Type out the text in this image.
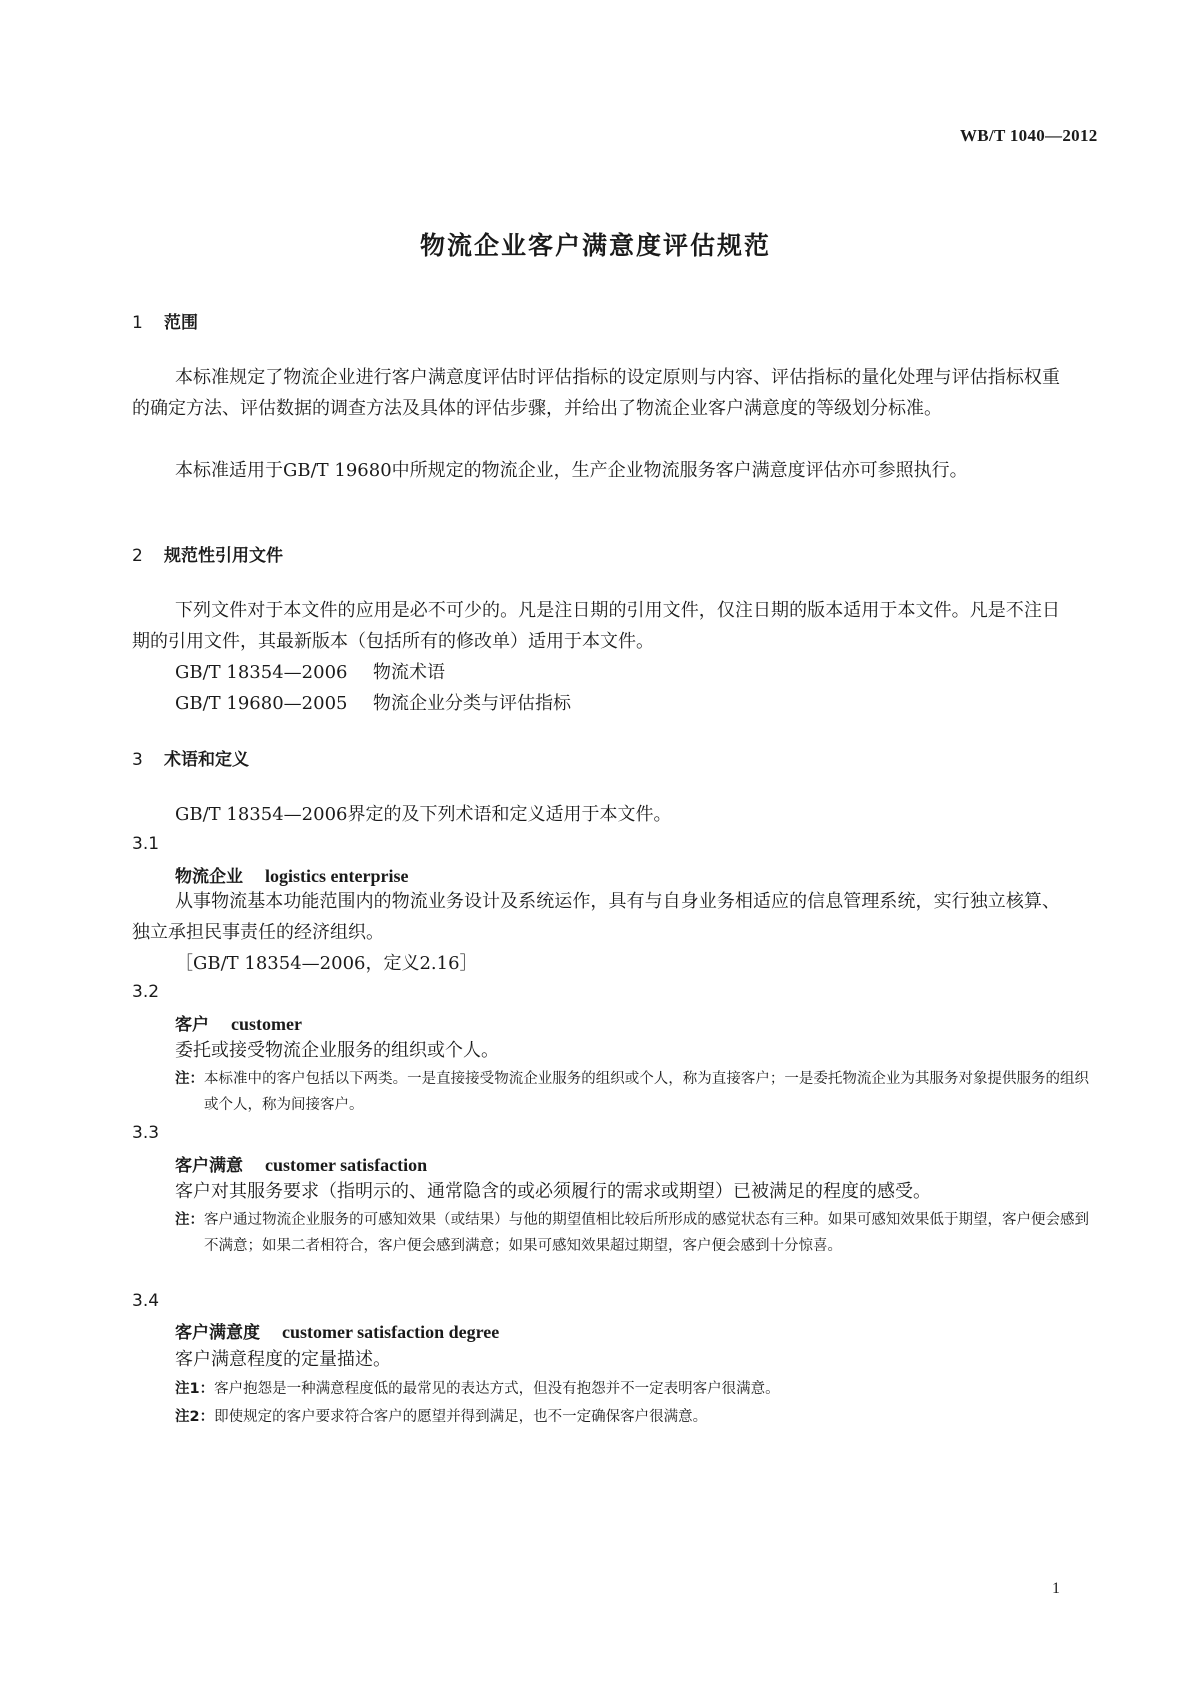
WB/T 1040—2012
物流企业客户满意度评估规范
1 范围
本标准规定了物流企业进行客户满意度评估时评估指标的设定原则与内容、评估指标的量化处理与评估指标权重的确定方法、评估数据的调查方法及具体的评估步骤，并给出了物流企业客户满意度的等级划分标准。
本标准适用于GB/T 19680中所规定的物流企业，生产企业物流服务客户满意度评估亦可参照执行。
2 规范性引用文件
下列文件对于本文件的应用是必不可少的。凡是注日期的引用文件，仅注日期的版本适用于本文件。凡是不注日期的引用文件，其最新版本（包括所有的修改单）适用于本文件。
GB/T 18354—2006 物流术语
GB/T 19680—2005 物流企业分类与评估指标
3 术语和定义
GB/T 18354—2006界定的及下列术语和定义适用于本文件。
3.1
物流企业 logistics enterprise
从事物流基本功能范围内的物流业务设计及系统运作，具有与自身业务相适应的信息管理系统，实行独立核算、独立承担民事责任的经济组织。
［GB/T 18354—2006，定义2.16］
3.2
客户 customer
委托或接受物流企业服务的组织或个人。
注：本标准中的客户包括以下两类。一是直接接受物流企业服务的组织或个人，称为直接客户；一是委托物流企业为其服务对象提供服务的组织或个人，称为间接客户。
3.3
客户满意 customer satisfaction
客户对其服务要求（指明示的、通常隐含的或必须履行的需求或期望）已被满足的程度的感受。
注：客户通过物流企业服务的可感知效果（或结果）与他的期望值相比较后所形成的感觉状态有三种。如果可感知效果低于期望，客户便会感到不满意；如果二者相符合，客户便会感到满意；如果可感知效果超过期望，客户便会感到十分惊喜。
3.4
客户满意度 customer satisfaction degree
客户满意程度的定量描述。
注1：客户抱怨是一种满意程度低的最常见的表达方式，但没有抱怨并不一定表明客户很满意。
注2：即使规定的客户要求符合客户的愿望并得到满足，也不一定确保客户很满意。
1
